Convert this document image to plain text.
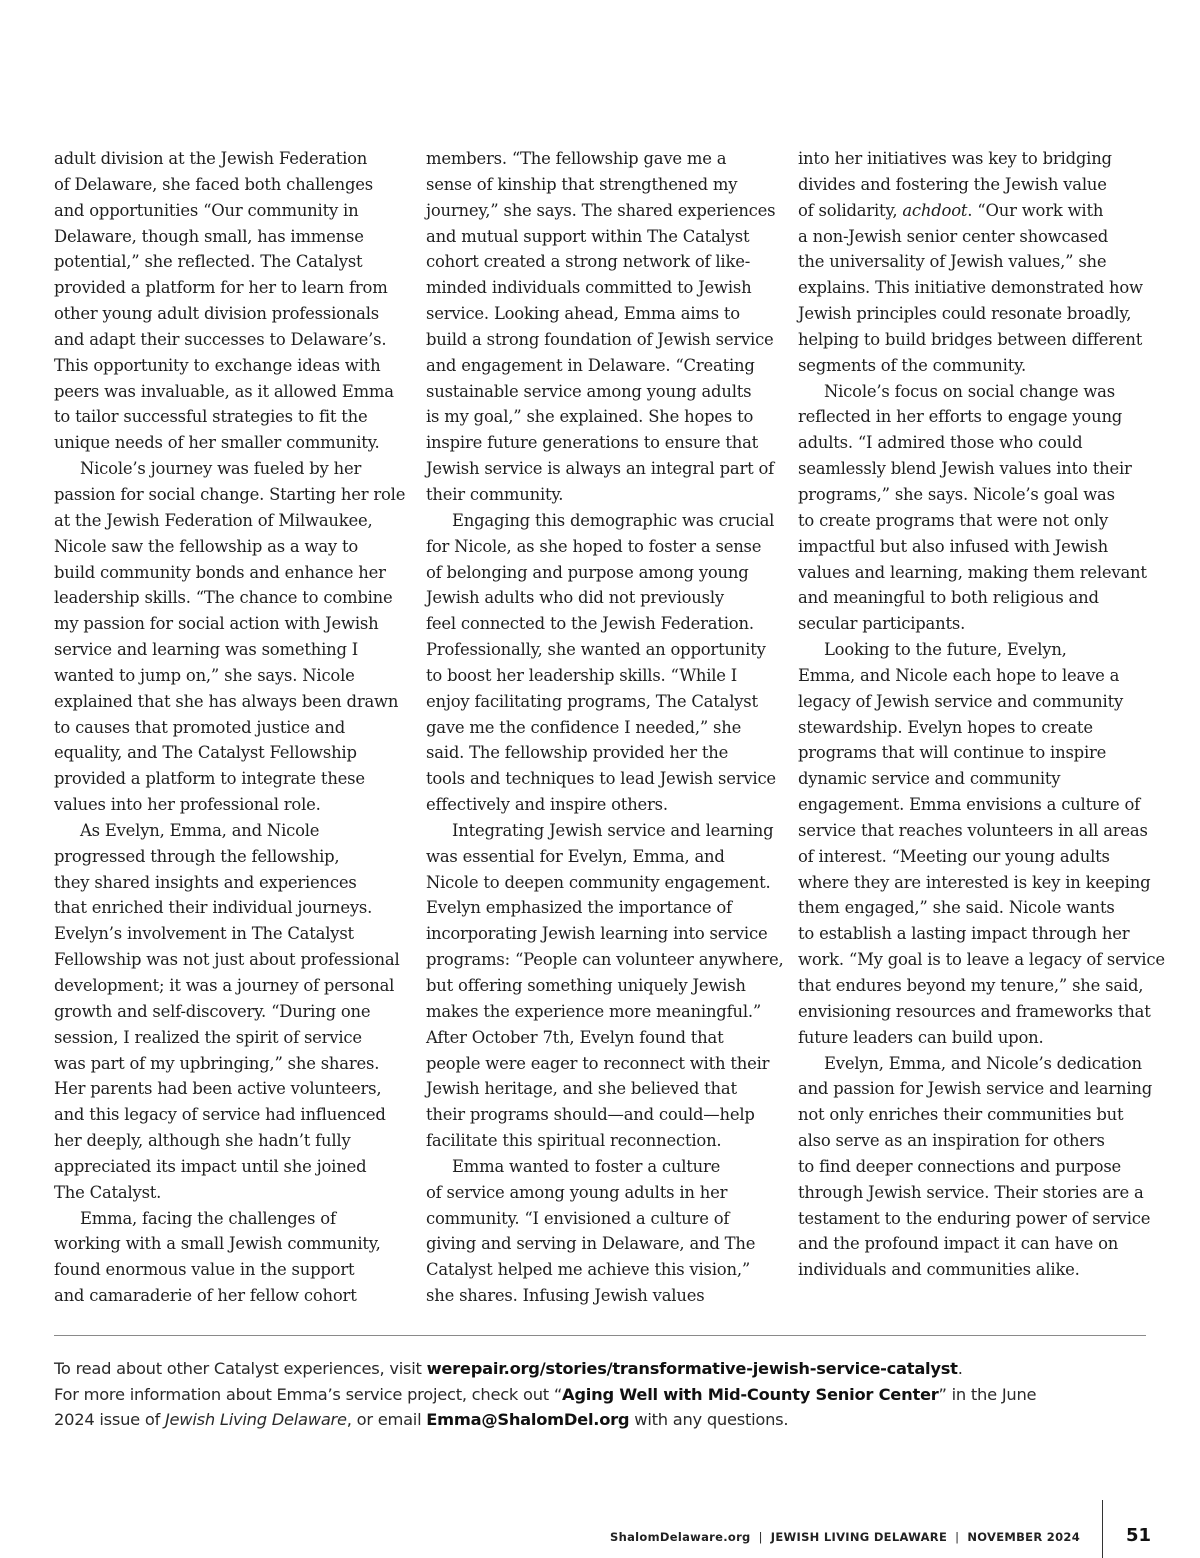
adult division at the Jewish Federation
of Delaware, she faced both challenges
and opportunities “Our community in
Delaware, though small, has immense
potential,” she reflected. The Catalyst
provided a platform for her to learn from
other young adult division professionals
and adapt their successes to Delaware’s.
This opportunity to exchange ideas with
peers was invaluable, as it allowed Emma
to tailor successful strategies to fit the
unique needs of her smaller community.

Nicole’s journey was fueled by her
passion for social change. Starting her role
at the Jewish Federation of Milwaukee,
Nicole saw the fellowship as a way to
build community bonds and enhance her
leadership skills. “The chance to combine
my passion for social action with Jewish
service and learning was something I
wanted to jump on,” she says. Nicole
explained that she has always been drawn
to causes that promoted justice and
equality, and The Catalyst Fellowship
provided a platform to integrate these
values into her professional role.

As Evelyn, Emma, and Nicole
progressed through the fellowship,
they shared insights and experiences
that enriched their individual journeys.
Evelyn’s involvement in The Catalyst
Fellowship was not just about professional
development; it was a journey of personal
growth and self-discovery. “During one
session, I realized the spirit of service
was part of my upbringing,” she shares.
Her parents had been active volunteers,
and this legacy of service had influenced
her deeply, although she hadn’t fully
appreciated its impact until she joined
The Catalyst.

Emma, facing the challenges of
working with a small Jewish community,
found enormous value in the support
and camaraderie of her fellow cohort

members. “The fellowship gave me a
sense of kinship that strengthened my
journey,” she says. The shared experiences
and mutual support within The Catalyst
cohort created a strong network of like-
minded individuals committed to Jewish
service. Looking ahead, Emma aims to
build a strong foundation of Jewish service
and engagement in Delaware. “Creating
sustainable service among young adults
is my goal,” she explained. She hopes to
inspire future generations to ensure that
Jewish service is always an integral part of
their community.

Engaging this demographic was crucial
for Nicole, as she hoped to foster a sense
of belonging and purpose among young
Jewish adults who did not previously
feel connected to the Jewish Federation.
Professionally, she wanted an opportunity
to boost her leadership skills. “While I
enjoy facilitating programs, The Catalyst
gave me the confidence I needed,” she
said. The fellowship provided her the
tools and techniques to lead Jewish service
effectively and inspire others.

Integrating Jewish service and learning
was essential for Evelyn, Emma, and
Nicole to deepen community engagement.
Evelyn emphasized the importance of
incorporating Jewish learning into service
programs: “People can volunteer anywhere,
but offering something uniquely Jewish
makes the experience more meaningful.”
After October 7th, Evelyn found that
people were eager to reconnect with their
Jewish heritage, and she believed that
their programs should—and could—help
facilitate this spiritual reconnection.

Emma wanted to foster a culture
of service among young adults in her
community. “I envisioned a culture of
giving and serving in Delaware, and The
Catalyst helped me achieve this vision,”
she shares. Infusing Jewish values

into her initiatives was key to bridging
divides and fostering the Jewish value
of solidarity, achdoot. “Our work with
a non-Jewish senior center showcased
the universality of Jewish values,” she
explains. This initiative demonstrated how
Jewish principles could resonate broadly,
helping to build bridges between different
segments of the community.

Nicole’s focus on social change was
reflected in her efforts to engage young
adults. “I admired those who could
seamlessly blend Jewish values into their
programs,” she says. Nicole’s goal was
to create programs that were not only
impactful but also infused with Jewish
values and learning, making them relevant
and meaningful to both religious and
secular participants.

Looking to the future, Evelyn,
Emma, and Nicole each hope to leave a
legacy of Jewish service and community
stewardship. Evelyn hopes to create
programs that will continue to inspire
dynamic service and community
engagement. Emma envisions a culture of
service that reaches volunteers in all areas
of interest. “Meeting our young adults
where they are interested is key in keeping
them engaged,” she said. Nicole wants
to establish a lasting impact through her
work. “My goal is to leave a legacy of service
that endures beyond my tenure,” she said,
envisioning resources and frameworks that
future leaders can build upon.

Evelyn, Emma, and Nicole’s dedication
and passion for Jewish service and learning
not only enriches their communities but
also serve as an inspiration for others
to find deeper connections and purpose
through Jewish service. Their stories are a
testament to the enduring power of service
and the profound impact it can have on
individuals and communities alike.

To read about other Catalyst experiences, visit werepair.org/stories/transformative-jewish-service-catalyst.

For more information about Emma’s service project, check out “Aging Well with Mid-County Senior Center” in the June

2024 issue of Jewish Living Delaware, or email Emma@ShalomDel.org with any questions.

ShalomDelaware.org | JEWISH LIVING DELAWARE | NOVEMBER 2024	51
